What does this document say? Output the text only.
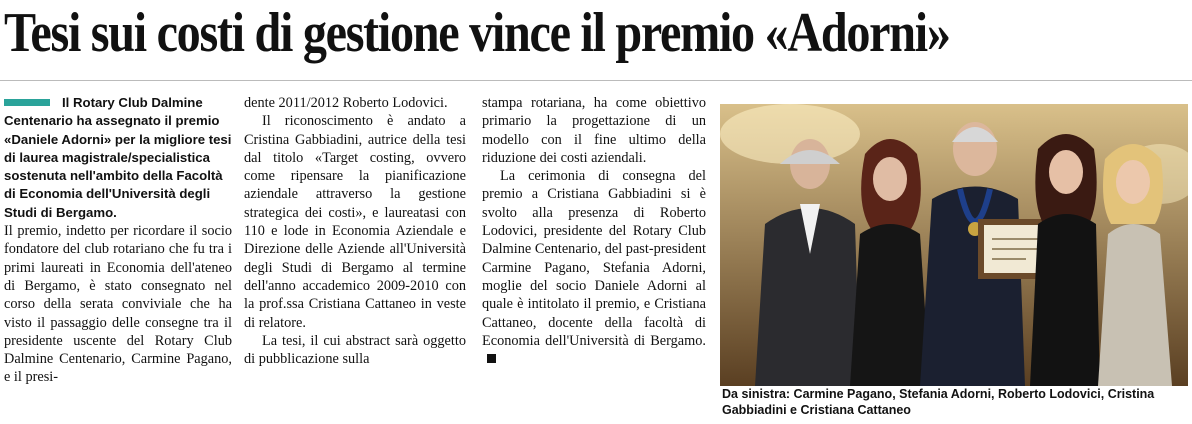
Tesi sui costi di gestione vince il premio «Adorni»

Il Rotary Club Dalmine Centenario ha assegnato il premio «Daniele Adorni» per la migliore tesi di laurea magistrale/specialistica sostenuta nell'ambito della Facoltà di Economia dell'Università degli Studi di Bergamo.

Il premio, indetto per ricordare il socio fondatore del club rotariano che fu tra i primi laureati in Economia dell'ateneo di Bergamo, è stato consegnato nel corso della serata conviviale che ha visto il passaggio delle consegne tra il presidente uscente del Rotary Club Dalmine Centenario, Carmine Pagano, e il presi-

dente 2011/2012 Roberto Lodovici.

Il riconoscimento è andato a Cristina Gabbiadini, autrice della tesi dal titolo «Target costing, ovvero come ripensare la pianificazione aziendale attraverso la gestione strategica dei costi», e laureatasi con 110 e lode in Economia Aziendale e Direzione delle Aziende all'Università degli Studi di Bergamo al termine dell'anno accademico 2009-2010 con la prof.ssa Cristiana Cattaneo in veste di relatore.

La tesi, il cui abstract sarà oggetto di pubblicazione sulla

stampa rotariana, ha come obiettivo primario la progettazione di un modello con il fine ultimo della riduzione dei costi aziendali.

La cerimonia di consegna del premio a Cristiana Gabbiadini si è svolto alla presenza di Roberto Lodovici, presidente del Rotary Club Dalmine Centenario, del past-president Carmine Pagano, Stefania Adorni, moglie del socio Daniele Adorni al quale è intitolato il premio, e Cristiana Cattaneo, docente della facoltà di Economia dell'Università di Bergamo.

Da sinistra: Carmine Pagano, Stefania Adorni, Roberto Lodovici, Cristina Gabbiadini e Cristiana Cattaneo
